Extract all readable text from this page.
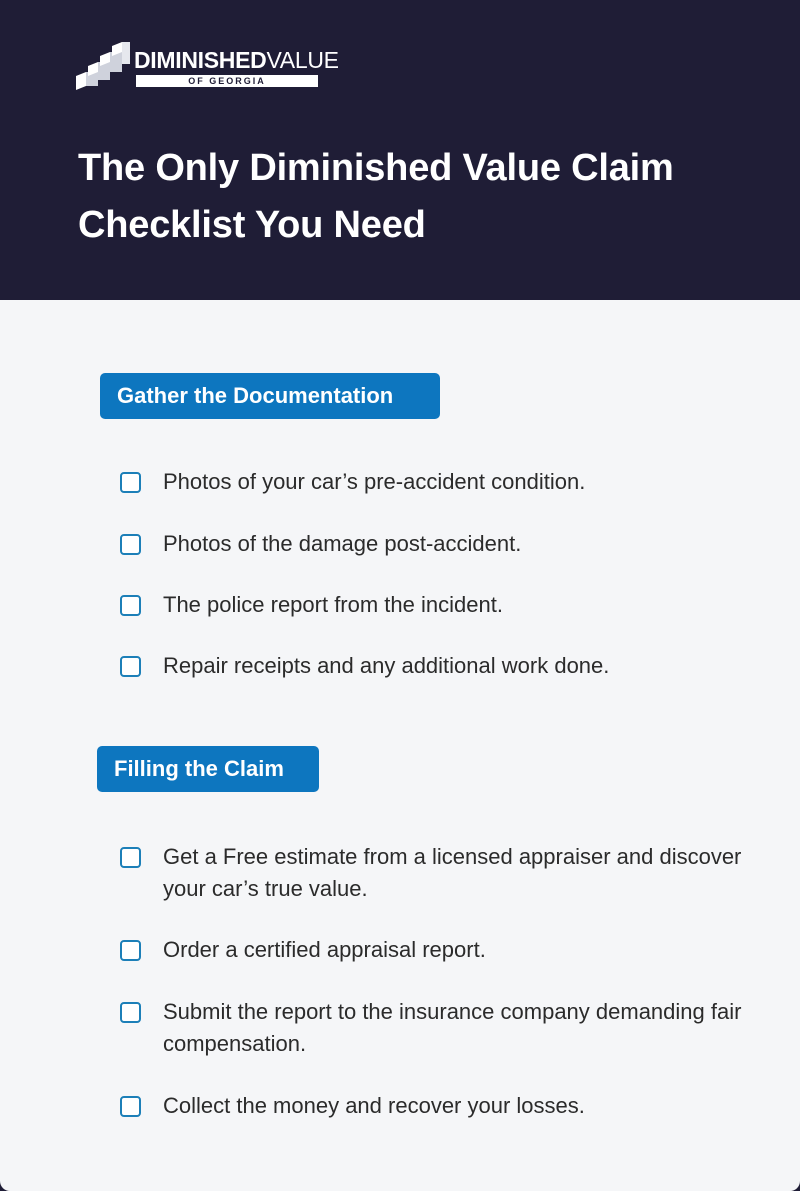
DIMINISHEDVALUE
OF GEORGIA
The Only Diminished Value Claim Checklist You Need
Gather the Documentation
Photos of your car’s pre-accident condition.
Photos of the damage post-accident.
The police report from the incident.
Repair receipts and any additional work done.
Filling the Claim
Get a Free estimate from a licensed appraiser and discover your car’s true value.
Order a certified appraisal report.
Submit the report to the insurance company demanding fair compensation.
Collect the money and recover your losses.
